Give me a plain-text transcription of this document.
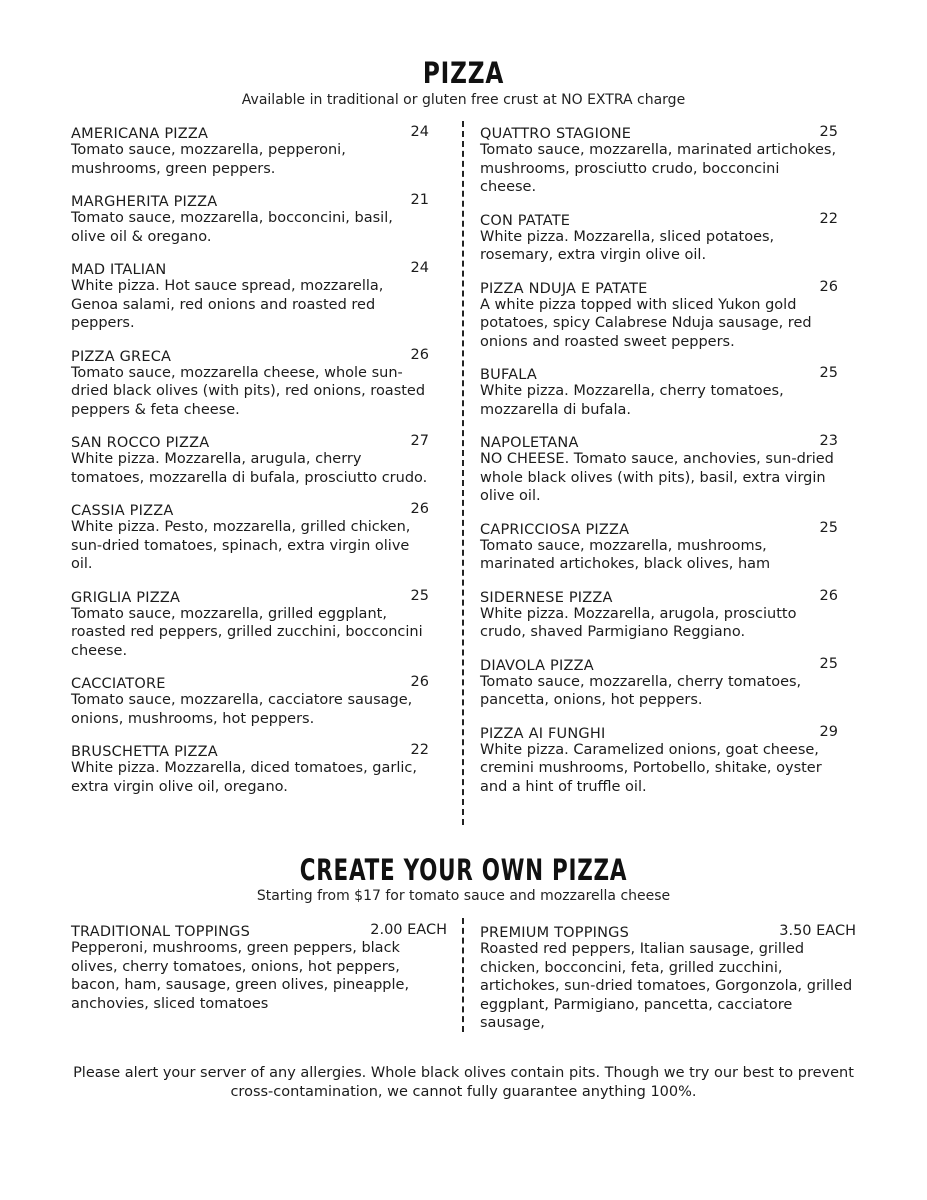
PIZZA
Available in traditional or gluten free crust at NO EXTRA charge
AMERICANA PIZZA	24

Tomato sauce, mozzarella, pepperoni, mushrooms, green peppers.

MARGHERITA PIZZA	21

Tomato sauce, mozzarella, bocconcini, basil, olive oil & oregano.

MAD ITALIAN	24

White pizza. Hot sauce spread, mozzarella, Genoa salami, red onions and roasted red peppers.

PIZZA GRECA	26

Tomato sauce, mozzarella cheese, whole sun-dried black olives (with pits), red onions, roasted peppers & feta cheese.

SAN ROCCO PIZZA	27

White pizza. Mozzarella, arugula, cherry tomatoes, mozzarella di bufala, prosciutto crudo.

CASSIA PIZZA	26

White pizza. Pesto, mozzarella, grilled chicken, sun-dried tomatoes, spinach, extra virgin olive oil.

GRIGLIA PIZZA	25

Tomato sauce, mozzarella, grilled eggplant, roasted red peppers, grilled zucchini, bocconcini cheese.

CACCIATORE	26

Tomato sauce, mozzarella, cacciatore sausage, onions, mushrooms, hot peppers.

BRUSCHETTA PIZZA	22

White pizza. Mozzarella, diced tomatoes, garlic, extra virgin olive oil, oregano.

QUATTRO STAGIONE	25

Tomato sauce, mozzarella, marinated artichokes, mushrooms, prosciutto crudo, bocconcini cheese.

CON PATATE	22

White pizza. Mozzarella, sliced potatoes, rosemary, extra virgin olive oil.

PIZZA NDUJA E PATATE	26

A white pizza topped with sliced Yukon gold potatoes, spicy Calabrese Nduja sausage, red onions and roasted sweet peppers.

BUFALA	25

White pizza. Mozzarella, cherry tomatoes, mozzarella di bufala.

NAPOLETANA	23

NO CHEESE. Tomato sauce, anchovies, sun-dried whole black olives (with pits), basil, extra virgin olive oil.

CAPRICCIOSA PIZZA	25

Tomato sauce, mozzarella, mushrooms, marinated artichokes, black olives, ham

SIDERNESE PIZZA	26

White pizza. Mozzarella, arugola, prosciutto crudo, shaved Parmigiano Reggiano.

DIAVOLA PIZZA	25

Tomato sauce, mozzarella, cherry tomatoes, pancetta, onions, hot peppers.

PIZZA AI FUNGHI	29

White pizza. Caramelized onions, goat cheese, cremini mushrooms, Portobello, shitake, oyster and a hint of truffle oil.

CREATE YOUR OWN PIZZA
Starting from $17 for tomato sauce and mozzarella cheese
TRADITIONAL TOPPINGS	2.00 EACH

Pepperoni, mushrooms, green peppers, black olives, cherry tomatoes, onions, hot peppers, bacon, ham, sausage, green olives, pineapple, anchovies, sliced tomatoes

PREMIUM TOPPINGS	3.50 EACH

Roasted red peppers, Italian sausage, grilled chicken, bocconcini, feta, grilled zucchini, artichokes, sun-dried tomatoes, Gorgonzola, grilled eggplant, Parmigiano, pancetta, cacciatore sausage,

Please alert your server of any allergies. Whole black olives contain pits. Though we try our best to prevent cross-contamination, we cannot fully guarantee anything 100%.
